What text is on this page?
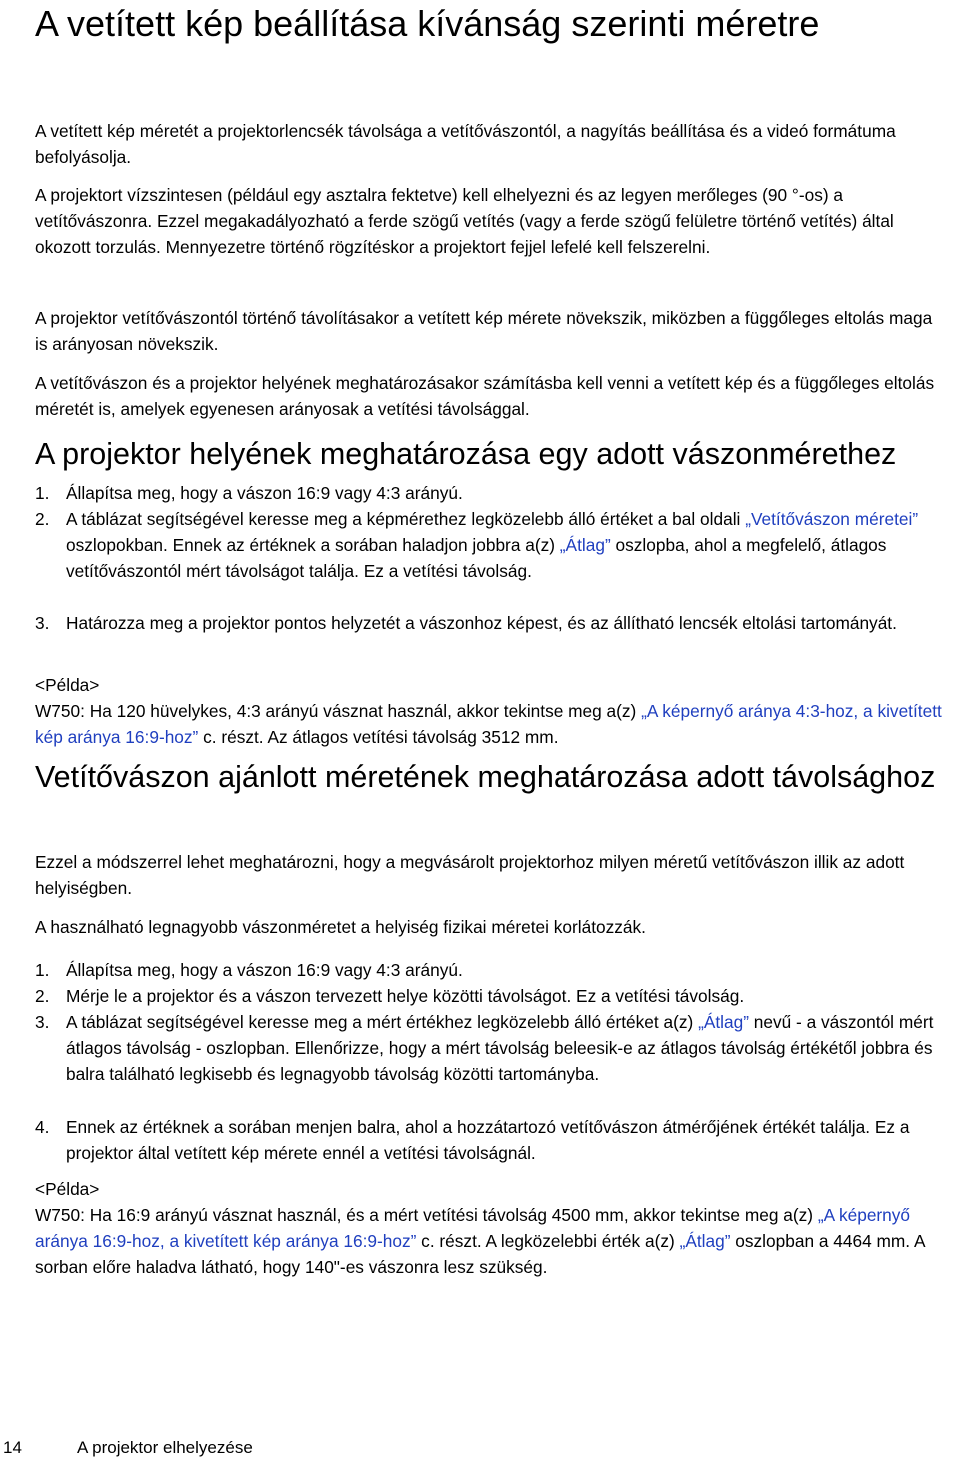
A vetített kép beállítása kívánság szerinti méretre

A vetített kép méretét a projektorlencsék távolsága a vetítővászontól, a nagyítás beállítása és a videó formátuma befolyásolja.

A projektort vízszintesen (például egy asztalra fektetve) kell elhelyezni és az legyen merőleges (90 °-os) a vetítővászonra. Ezzel megakadályozható a ferde szögű vetítés (vagy a ferde szögű felületre történő vetítés) által okozott torzulás. Mennyezetre történő rögzítéskor a projektort fejjel lefelé kell felszerelni.

A projektor vetítővászontól történő távolításakor a vetített kép mérete növekszik, miközben a függőleges eltolás maga is arányosan növekszik.

A vetítővászon és a projektor helyének meghatározásakor számításba kell venni a vetített kép és a függőleges eltolás méretét is, amelyek egyenesen arányosak a vetítési távolsággal.

A projektor helyének meghatározása egy adott vászonmérethez
1. Állapítsa meg, hogy a vászon 16:9 vagy 4:3 arányú.
2. A táblázat segítségével keresse meg a képmérethez legközelebb álló értéket a bal oldali „Vetítővászon méretei” oszlopokban. Ennek az értéknek a sorában haladjon jobbra a(z) „Átlag” oszlopba, ahol a megfelelő, átlagos vetítővászontól mért távolságot találja. Ez a vetítési távolság.
3. Határozza meg a projektor pontos helyzetét a vászonhoz képest, és az állítható lencsék eltolási tartományát.

<Példa>

W750: Ha 120 hüvelykes, 4:3 arányú vásznat használ, akkor tekintse meg a(z) „A képernyő aránya 4:3-hoz, a kivetített kép aránya 16:9-hoz” c. részt. Az átlagos vetítési távolság 3512 mm.

Vetítővászon ajánlott méretének meghatározása adott távolsághoz

Ezzel a módszerrel lehet meghatározni, hogy a megvásárolt projektorhoz milyen méretű vetítővászon illik az adott helyiségben.

A használható legnagyobb vászonméretet a helyiség fizikai méretei korlátozzák.

1. Állapítsa meg, hogy a vászon 16:9 vagy 4:3 arányú.
2. Mérje le a projektor és a vászon tervezett helye közötti távolságot. Ez a vetítési távolság.
3. A táblázat segítségével keresse meg a mért értékhez legközelebb álló értéket a(z) „Átlag” nevű - a vászontól mért átlagos távolság - oszlopban. Ellenőrizze, hogy a mért távolság beleesik-e az átlagos távolság értékétől jobbra és balra található legkisebb és legnagyobb távolság közötti tartományba.
4. Ennek az értéknek a sorában menjen balra, ahol a hozzátartozó vetítővászon átmérőjének értékét találja. Ez a projektor által vetített kép mérete ennél a vetítési távolságnál.

<Példa>

W750: Ha 16:9 arányú vásznat használ, és a mért vetítési távolság 4500 mm, akkor tekintse meg a(z) „A képernyő aránya 16:9-hoz, a kivetített kép aránya 16:9-hoz” c. részt. A legközelebbi érték a(z) „Átlag” oszlopban a 4464 mm. A sorban előre haladva látható, hogy 140"-es vászonra lesz szükség.

14	A projektor elhelyezése
